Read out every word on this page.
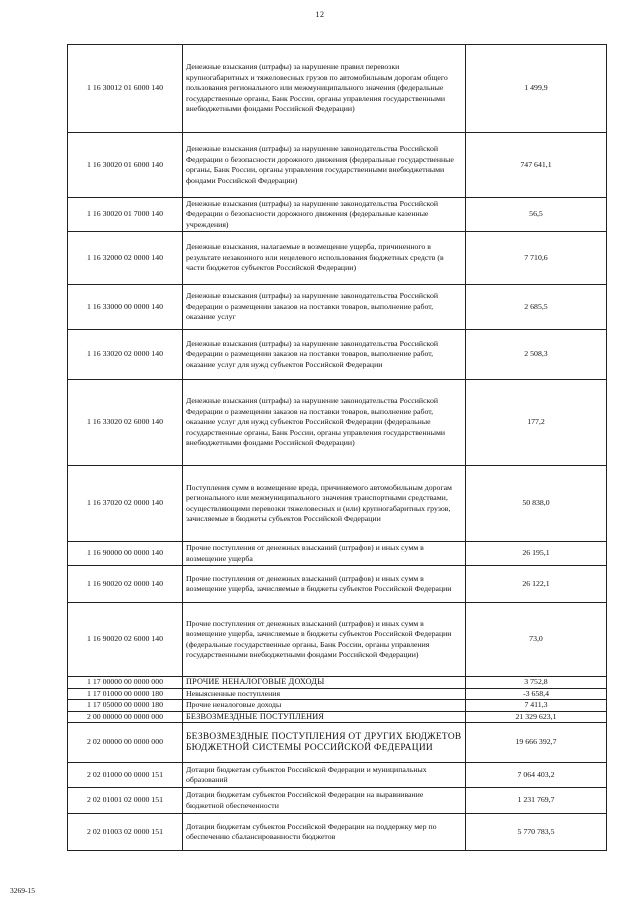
12
1 16 30012 01 6000 140	Денежные взыскания (штрафы) за нарушение правил перевозки крупногабаритных и тяжеловесных грузов по автомобильным дорогам общего пользования регионального или межмуниципального значения (федеральные государственные органы, Банк России, органы управления государственными внебюджетными фондами Российской Федерации)	1 499,9
1 16 30020 01 6000 140	Денежные взыскания (штрафы) за нарушение законодательства Российской Федерации о безопасности дорожного движения (федеральные государственные органы, Банк России, органы управления государственными внебюджетными фондами Российской Федерации)	747 641,1
1 16 30020 01 7000 140	Денежные взыскания (штрафы) за нарушение законодательства Российской Федерации о безопасности дорожного движения (федеральные казенные учреждения)	56,5
1 16 32000 02 0000 140	Денежные взыскания, налагаемые в возмещение ущерба, причиненного в результате незаконного или нецелевого использования бюджетных средств (в части бюджетов субъектов Российской Федерации)	7 710,6
1 16 33000 00 0000 140	Денежные взыскания (штрафы) за нарушение законодательства Российской Федерации о размещении заказов на поставки товаров, выполнение работ, оказание услуг	2 685,5
1 16 33020 02 0000 140	Денежные взыскания (штрафы) за нарушение законодательства Российской Федерации о размещении заказов на поставки товаров, выполнение работ, оказание услуг для нужд субъектов Российской Федерации	2 508,3
1 16 33020 02 6000 140	Денежные взыскания (штрафы) за нарушение законодательства Российской Федерации о размещении заказов на поставки товаров, выполнение работ, оказание услуг для нужд субъектов Российской Федерации (федеральные государственные органы, Банк России, органы управления государственными внебюджетными фондами Российской Федерации)	177,2
1 16 37020 02 0000 140	Поступления сумм в возмещение вреда, причиняемого автомобильным дорогам регионального или межмуниципального значения транспортными средствами, осуществляющими перевозки тяжеловесных и (или) крупногабаритных грузов, зачисляемые в бюджеты субъектов Российской Федерации	50 838,0
1 16 90000 00 0000 140	Прочие поступления от денежных взысканий (штрафов) и иных сумм в возмещение ущерба	26 195,1
1 16 90020 02 0000 140	Прочие поступления от денежных взысканий (штрафов) и иных сумм в возмещение ущерба, зачисляемые в бюджеты субъектов Российской Федерации	26 122,1
1 16 90020 02 6000 140	Прочие поступления от денежных взысканий (штрафов) и иных сумм в возмещение ущерба, зачисляемые в бюджеты субъектов Российской Федерации (федеральные государственные органы, Банк России, органы управления государственными внебюджетными фондами Российской Федерации)	73,0
1 17 00000 00 0000 000	ПРОЧИЕ НЕНАЛОГОВЫЕ ДОХОДЫ	3 752,8
1 17 01000 00 0000 180	Невыясненные поступления	-3 658,4
1 17 05000 00 0000 180	Прочие неналоговые доходы	7 411,3
2 00 00000 00 0000 000	БЕЗВОЗМЕЗДНЫЕ ПОСТУПЛЕНИЯ	21 329 623,1
2 02 00000 00 0000 000	БЕЗВОЗМЕЗДНЫЕ ПОСТУПЛЕНИЯ ОТ ДРУГИХ БЮДЖЕТОВ БЮДЖЕТНОЙ СИСТЕМЫ РОССИЙСКОЙ ФЕДЕРАЦИИ	19 666 392,7
2 02 01000 00 0000 151	Дотации бюджетам субъектов Российской Федерации и муниципальных образований	7 064 403,2
2 02 01001 02 0000 151	Дотации бюджетам субъектов Российской Федерации на выравнивание бюджетной обеспеченности	1 231 769,7
2 02 01003 02 0000 151	Дотации бюджетам субъектов Российской Федерации на поддержку мер по обеспечению сбалансированности бюджетов	5 770 783,5
3269-15
